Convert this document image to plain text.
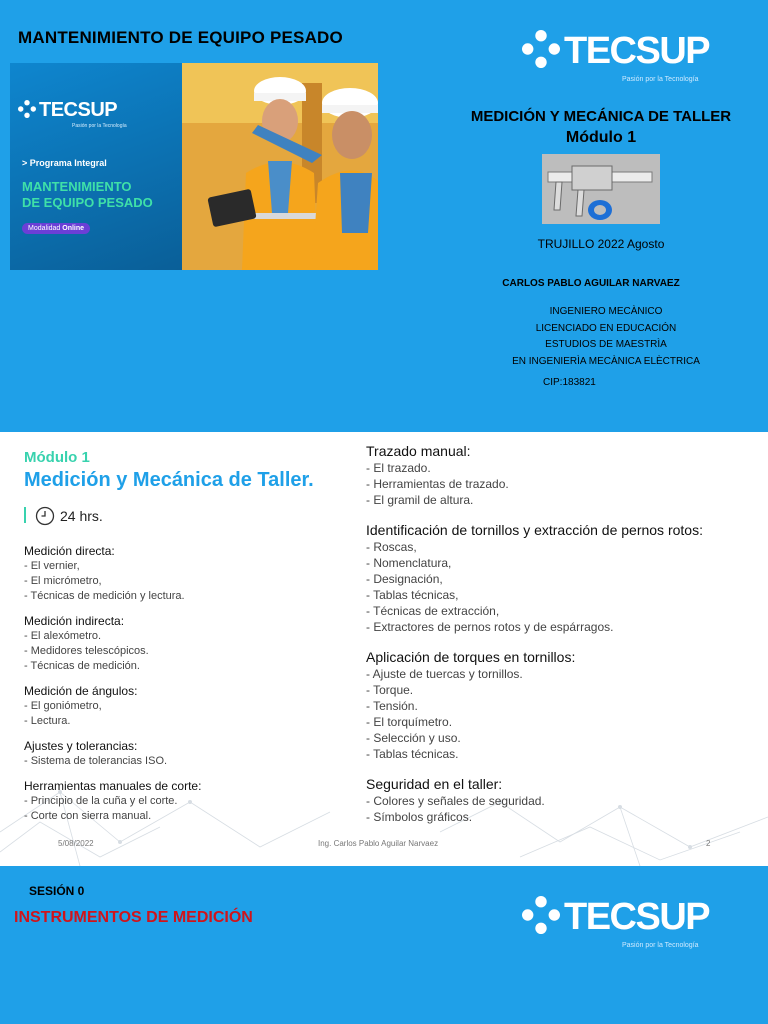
MANTENIMIENTO DE EQUIPO PESADO
TECSUP
Pasión por la Tecnología
> Programa Integral
MANTENIMIENTO
DE EQUIPO PESADO
Modalidad Online
TECSUP
Pasión por la Tecnología
MEDICIÓN Y MECÁNICA DE TALLER
Módulo 1
TRUJILLO 2022 Agosto
CARLOS PABLO AGUILAR NARVAEZ
INGENIERO MECÀNICO
LICENCIADO EN EDUCACIÓN
ESTUDIOS DE MAESTRÌA
EN INGENIERÌA MECÀNICA ELÈCTRICA
CIP:183821
Módulo 1
Medición y Mecánica de Taller.
24 hrs.
Medición directa:
- El vernier,
- El micrómetro,
- Técnicas de medición y lectura.
Medición indirecta:
- El alexómetro.
- Medidores telescópicos.
- Técnicas de medición.
Medición de ángulos:
- El goniómetro,
- Lectura.
Ajustes y tolerancias:
- Sistema de tolerancias ISO.
Herramientas manuales de corte:
- Principio de la cuña y el corte.
- Corte con sierra manual.
Trazado manual:
- El trazado.
- Herramientas de trazado.
- El gramil de altura.
Identificación de tornillos y extracción de pernos rotos:
- Roscas,
- Nomenclatura,
- Designación,
- Tablas técnicas,
- Técnicas de extracción,
- Extractores de pernos rotos y de espárragos.
Aplicación de torques en tornillos:
- Ajuste de tuercas y tornillos.
- Torque.
- Tensión.
- El torquímetro.
- Selección y uso.
- Tablas técnicas.
Seguridad en el taller:
- Colores y señales de seguridad.
- Símbolos gráficos.
5/08/2022	Ing. Carlos Pablo Aguilar Narvaez	2
SESIÓN 0
INSTRUMENTOS DE MEDICIÓN	TECSUP
Pasión por la Tecnología
